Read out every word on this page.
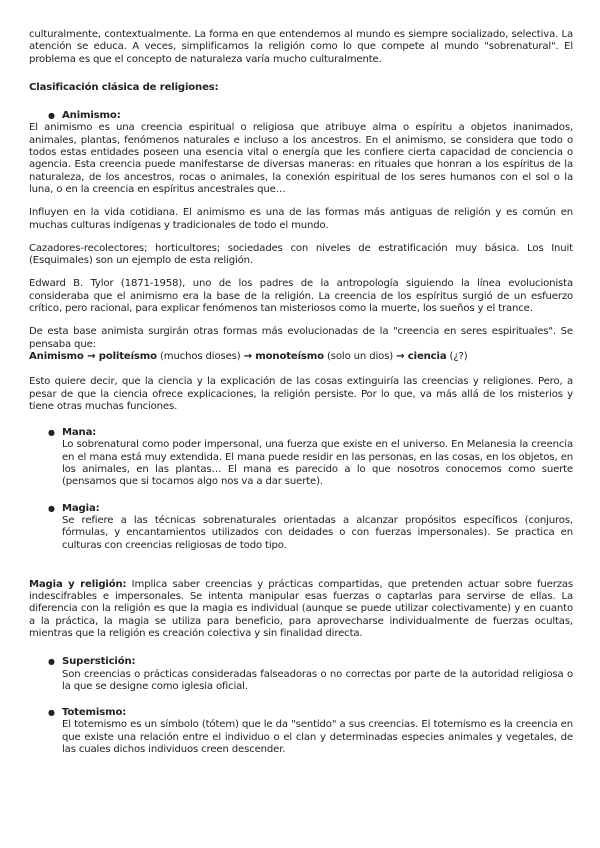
culturalmente, contextualmente. La forma en que entendemos al mundo es siempre socializado, selectiva. La atención se educa. A veces, simplificamos la religión como lo que compete al mundo "sobrenatural". El problema es que el concepto de naturaleza varía mucho culturalmente.

Clasificación clásica de religiones:

● Animismo:

El animismo es una creencia espiritual o religiosa que atribuye alma o espíritu a objetos inanimados, animales, plantas, fenómenos naturales e incluso a los ancestros. En el animismo, se considera que todo o todos estas entidades poseen una esencia vital o energía que les confiere cierta capacidad de conciencia o agencia. Esta creencia puede manifestarse de diversas maneras: en rituales que honran a los espíritus de la naturaleza, de los ancestros, rocas o animales, la conexión espiritual de los seres humanos con el sol o la luna, o en la creencia en espíritus ancestrales que…

Influyen en la vida cotidiana. El animismo es una de las formas más antiguas de religión y es común en muchas culturas indígenas y tradicionales de todo el mundo.

Cazadores-recolectores; horticultores; sociedades con niveles de estratificación muy básica. Los Inuit (Esquimales) son un ejemplo de esta religión.

Edward B. Tylor (1871-1958), uno de los padres de la antropología siguiendo la línea evolucionista consideraba que el animismo era la base de la religión. La creencia de los espíritus surgió de un esfuerzo crítico, pero racional, para explicar fenómenos tan misteriosos como la muerte, los sueños y el trance.

De esta base animista surgirán otras formas más evolucionadas de la "creencia en seres espirituales". Se pensaba que:

Animismo → politeísmo (muchos dioses) → monoteísmo (solo un dios) → ciencia (¿?)

Esto quiere decir, que la ciencia y la explicación de las cosas extinguiría las creencias y religiones. Pero, a pesar de que la ciencia ofrece explicaciones, la religión persiste. Por lo que, va más allá de los misterios y tiene otras muchas funciones.

● Mana:

Lo sobrenatural como poder impersonal, una fuerza que existe en el universo. En Melanesia la creencia en el mana está muy extendida. El mana puede residir en las personas, en las cosas, en los objetos, en los animales, en las plantas… El mana es parecido a lo que nosotros conocemos como suerte (pensamos que si tocamos algo nos va a dar suerte).

● Magia:

Se refiere a las técnicas sobrenaturales orientadas a alcanzar propósitos específicos (conjuros, fórmulas, y encantamientos utilizados con deidades o con fuerzas impersonales). Se practica en culturas con creencias religiosas de todo tipo.

Magia y religión: Implica saber creencias y prácticas compartidas, que pretenden actuar sobre fuerzas indescifrables e impersonales. Se intenta manipular esas fuerzas o captarlas para servirse de ellas. La diferencia con la religión es que la magia es individual (aunque se puede utilizar colectivamente) y en cuanto a la práctica, la magia se utiliza para beneficio, para aprovecharse individualmente de fuerzas ocultas, mientras que la religión es creación colectiva y sin finalidad directa.

● Superstición:

Son creencias o prácticas consideradas falseadoras o no correctas por parte de la autoridad religiosa o la que se designe como iglesia oficial.

● Totemismo:

El totemismo es un símbolo (tótem) que le da "sentido" a sus creencias. El totemismo es la creencia en que existe una relación entre el individuo o el clan y determinadas especies animales y vegetales, de las cuales dichos individuos creen descender.
